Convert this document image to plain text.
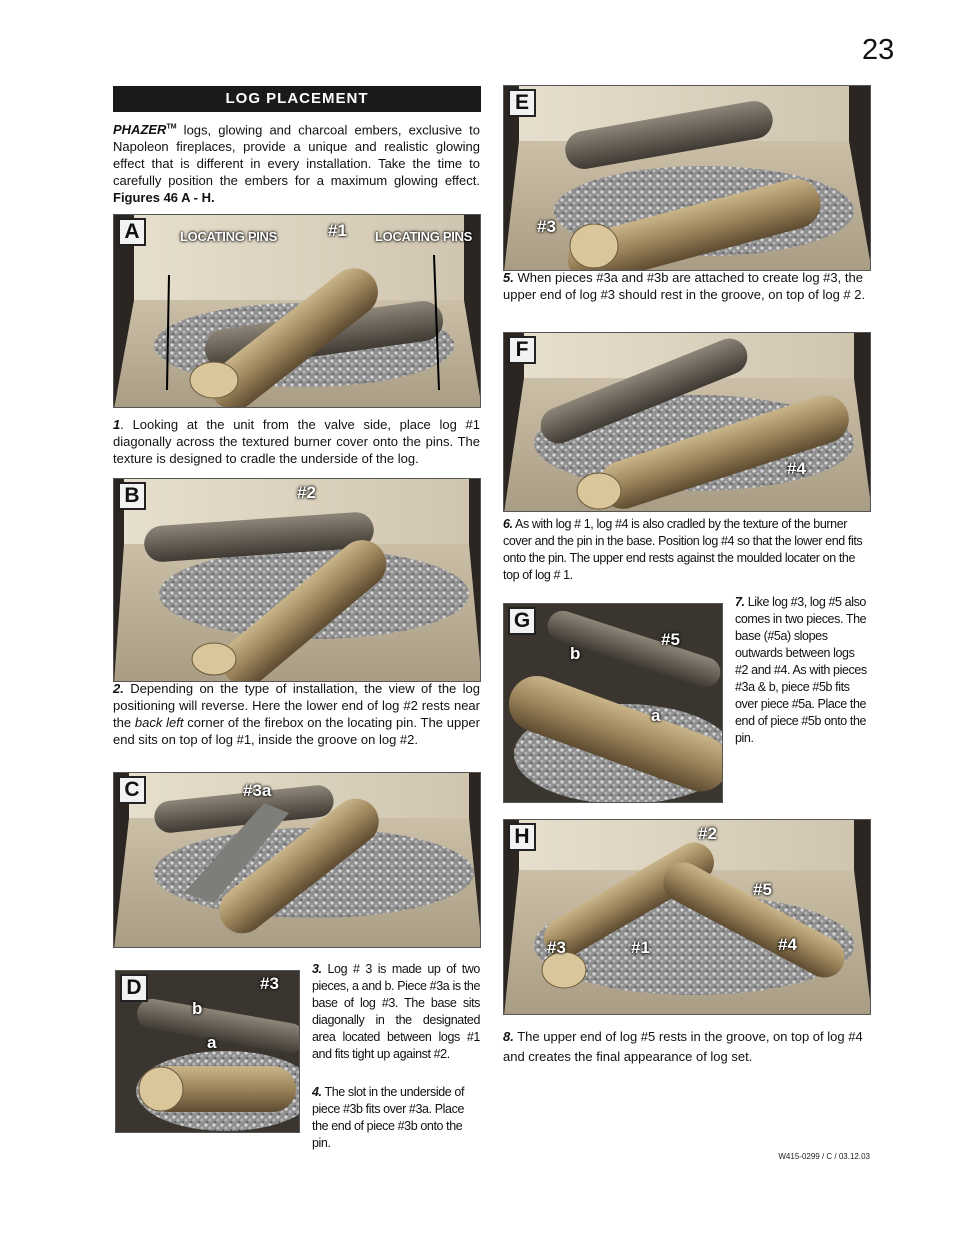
23
LOG PLACEMENT
PHAZER™ logs, glowing and charcoal embers, exclusive to Napoleon fireplaces, provide a unique and realistic glowing effect that is different in every installation. Take the time to carefully position the embers for a maximum glowing effect. Figures 46 A - H.
A	LOCATING PINS	#1 LOCATING PINS
1. Looking at the unit from the valve side, place log #1 diagonally across the textured burner cover onto the pins. The texture is designed to cradle the underside of the log.
B	#2
2. Depending on the type of installation, the view of the log positioning will reverse. Here the lower end of log #2 rests near the back left corner of the firebox on the locating pin. The upper end sits on top of log #1, inside the groove on log #2.
C	#3a
D	#3
b
a
3. Log # 3 is made up of two pieces, a and b. Piece #3a is the base of log #3. The base sits diagonally in the designated area located between logs #1 and fits tight up against #2.
4. The slot in the underside of piece #3b fits over #3a. Place the end of piece #3b onto the pin.
E
#3
5. When pieces #3a and #3b are attached to create log #3, the upper end of log #3 should rest in the groove, on top of log # 2.
F
#4
6. As with log # 1, log #4 is also cradled by the texture of the burner cover and the pin in the base. Position log #4 so that the lower end fits onto the pin. The upper end rests against the moulded locater on the top of log # 1.
G
#5
b
a
7. Like log #3, log #5 also comes in two pieces. The base (#5a) slopes outwards between logs #2 and #4. As with pieces #3a & b, piece #5b fits over piece #5a. Place the end of piece #5b onto the pin.
H	#2
#5
#3	#1	#4
8. The upper end of log #5 rests in the groove, on top of log #4 and creates the final appearance of log set.
W415-0299 / C / 03.12.03
